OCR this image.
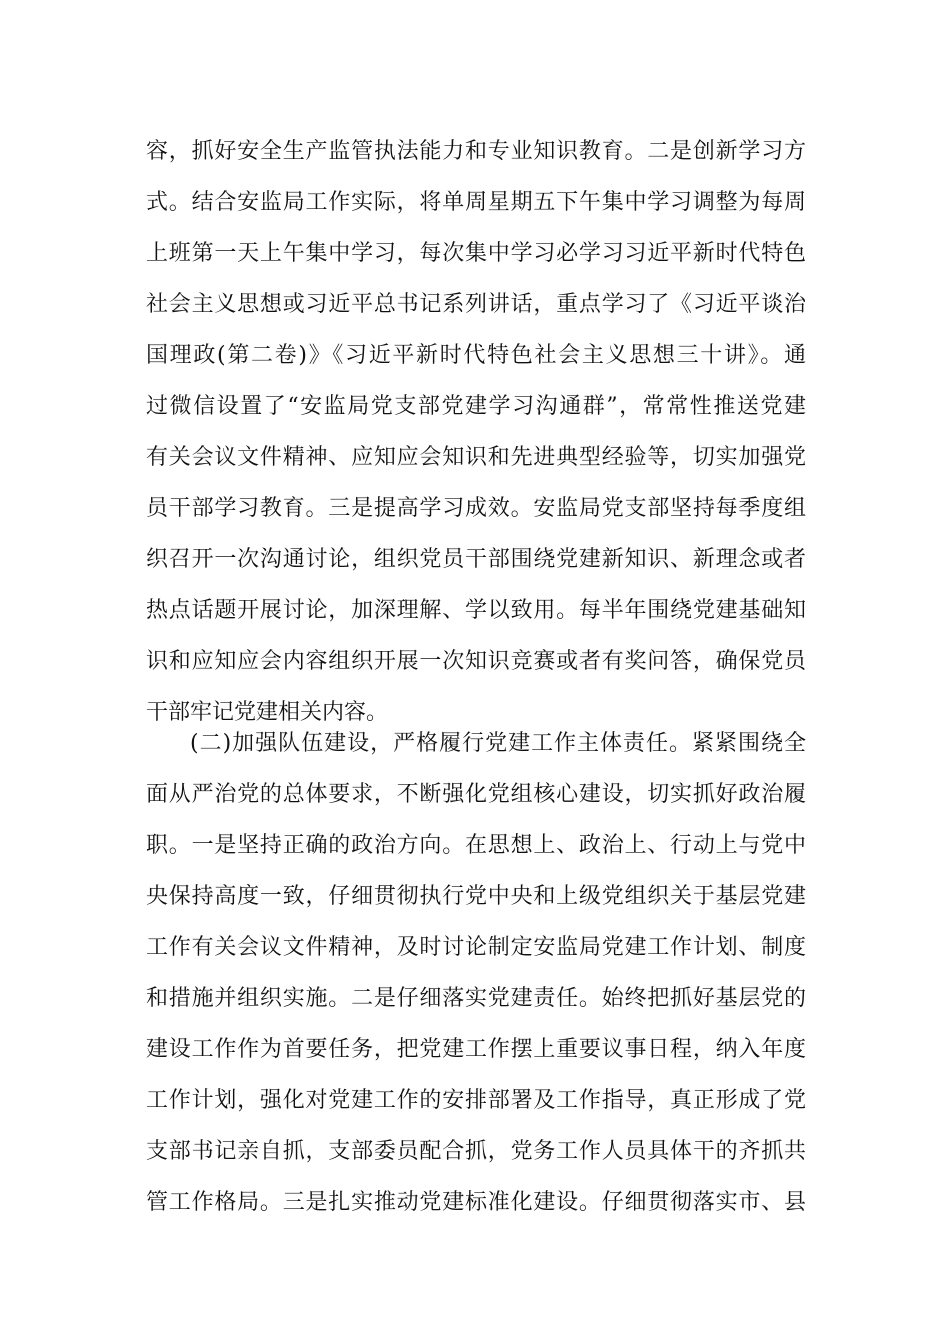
容，抓好安全生产监管执法能力和专业知识教育。二是创新学习方
式。结合安监局工作实际，将单周星期五下午集中学习调整为每周
上班第一天上午集中学习，每次集中学习必学习习近平新时代特色
社会主义思想或习近平总书记系列讲话，重点学习了《习近平谈治
国理政(第二卷)》《习近平新时代特色社会主义思想三十讲》。通
过微信设置了“安监局党支部党建学习沟通群”，常常性推送党建
有关会议文件精神、应知应会知识和先进典型经验等，切实加强党
员干部学习教育。三是提高学习成效。安监局党支部坚持每季度组
织召开一次沟通讨论，组织党员干部围绕党建新知识、新理念或者
热点话题开展讨论，加深理解、学以致用。每半年围绕党建基础知
识和应知应会内容组织开展一次知识竞赛或者有奖问答，确保党员
干部牢记党建相关内容。
(二)加强队伍建设，严格履行党建工作主体责任。紧紧围绕全
面从严治党的总体要求，不断强化党组核心建设，切实抓好政治履
职。一是坚持正确的政治方向。在思想上、政治上、行动上与党中
央保持高度一致，仔细贯彻执行党中央和上级党组织关于基层党建
工作有关会议文件精神，及时讨论制定安监局党建工作计划、制度
和措施并组织实施。二是仔细落实党建责任。始终把抓好基层党的
建设工作作为首要任务，把党建工作摆上重要议事日程，纳入年度
工作计划，强化对党建工作的安排部署及工作指导，真正形成了党
支部书记亲自抓，支部委员配合抓，党务工作人员具体干的齐抓共
管工作格局。三是扎实推动党建标准化建设。仔细贯彻落实市、县
